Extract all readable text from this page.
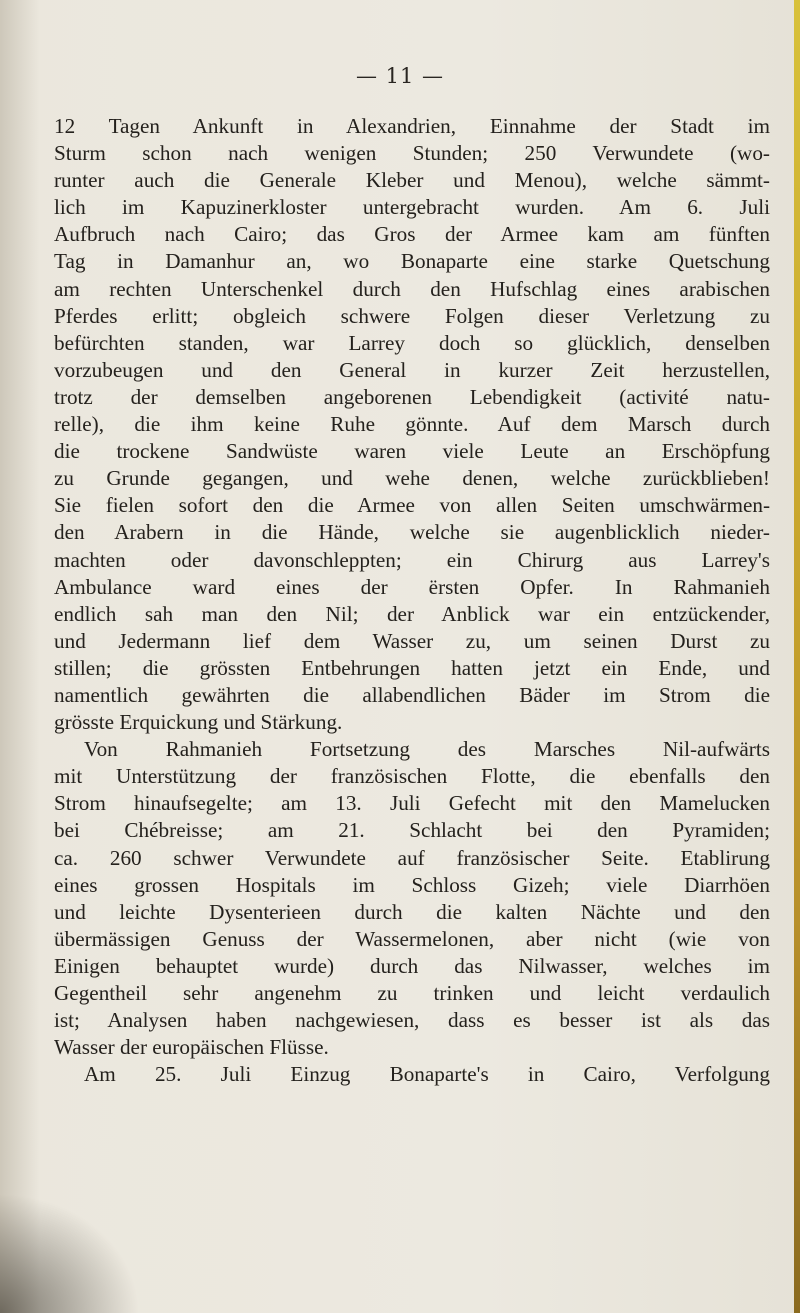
— 11 —
12 Tagen Ankunft in Alexandrien, Einnahme der Stadt im
Sturm schon nach wenigen Stunden; 250 Verwundete (wo-
runter auch die Generale Kleber und Menou), welche sämmt-
lich im Kapuzinerkloster untergebracht wurden. Am 6. Juli
Aufbruch nach Cairo; das Gros der Armee kam am fünften
Tag in Damanhur an, wo Bonaparte eine starke Quetschung
am rechten Unterschenkel durch den Hufschlag eines arabischen
Pferdes erlitt; obgleich schwere Folgen dieser Verletzung zu
befürchten standen, war Larrey doch so glücklich, denselben
vorzubeugen und den General in kurzer Zeit herzustellen,
trotz der demselben angeborenen Lebendigkeit (activité natu-
relle), die ihm keine Ruhe gönnte. Auf dem Marsch durch
die trockene Sandwüste waren viele Leute an Erschöpfung
zu Grunde gegangen, und wehe denen, welche zurückblieben!
Sie fielen sofort den die Armee von allen Seiten umschwärmen-
den Arabern in die Hände, welche sie augenblicklich nieder-
machten oder davonschleppten; ein Chirurg aus Larrey's
Ambulance ward eines der ërsten Opfer. In Rahmanieh
endlich sah man den Nil; der Anblick war ein entzückender,
und Jedermann lief dem Wasser zu, um seinen Durst zu
stillen; die grössten Entbehrungen hatten jetzt ein Ende, und
namentlich gewährten die allabendlichen Bäder im Strom die
grösste Erquickung und Stärkung.
Von Rahmanieh Fortsetzung des Marsches Nil-aufwärts
mit Unterstützung der französischen Flotte, die ebenfalls den
Strom hinaufsegelte; am 13. Juli Gefecht mit den Mamelucken
bei Chébreisse; am 21. Schlacht bei den Pyramiden;
ca. 260 schwer Verwundete auf französischer Seite. Etablirung
eines grossen Hospitals im Schloss Gizeh; viele Diarrhöen
und leichte Dysenterieen durch die kalten Nächte und den
übermässigen Genuss der Wassermelonen, aber nicht (wie von
Einigen behauptet wurde) durch das Nilwasser, welches im
Gegentheil sehr angenehm zu trinken und leicht verdaulich
ist; Analysen haben nachgewiesen, dass es besser ist als das
Wasser der europäischen Flüsse.
Am 25. Juli Einzug Bonaparte's in Cairo, Verfolgung
